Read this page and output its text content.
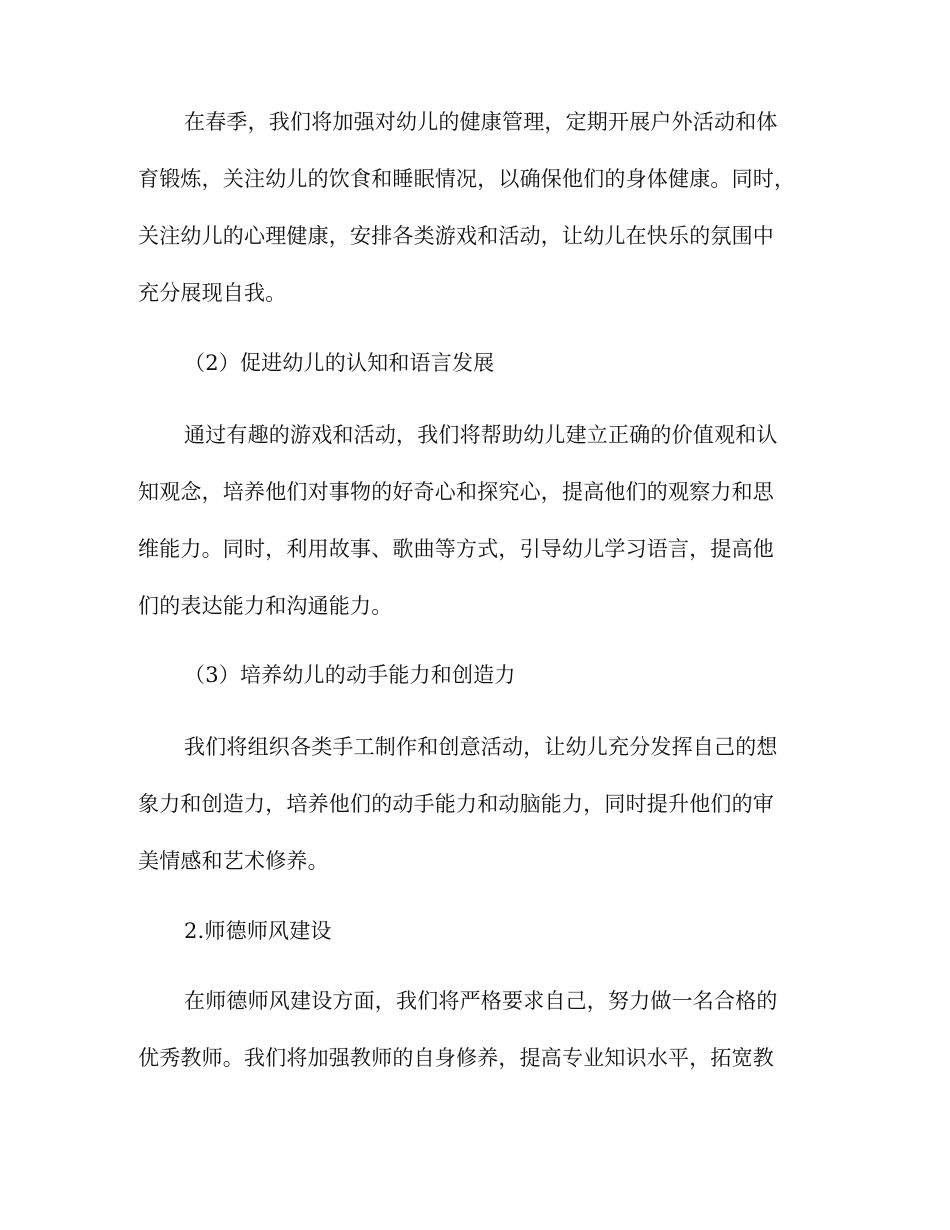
在春季，我们将加强对幼儿的健康管理，定期开展户外活动和体
育锻炼，关注幼儿的饮食和睡眠情况，以确保他们的身体健康。同时，
关注幼儿的心理健康，安排各类游戏和活动，让幼儿在快乐的氛围中
充分展现自我。
（2）促进幼儿的认知和语言发展
通过有趣的游戏和活动，我们将帮助幼儿建立正确的价值观和认
知观念，培养他们对事物的好奇心和探究心，提高他们的观察力和思
维能力。同时，利用故事、歌曲等方式，引导幼儿学习语言，提高他
们的表达能力和沟通能力。
（3）培养幼儿的动手能力和创造力
我们将组织各类手工制作和创意活动，让幼儿充分发挥自己的想
象力和创造力，培养他们的动手能力和动脑能力，同时提升他们的审
美情感和艺术修养。
2.师德师风建设
在师德师风建设方面，我们将严格要求自己，努力做一名合格的
优秀教师。我们将加强教师的自身修养，提高专业知识水平，拓宽教
